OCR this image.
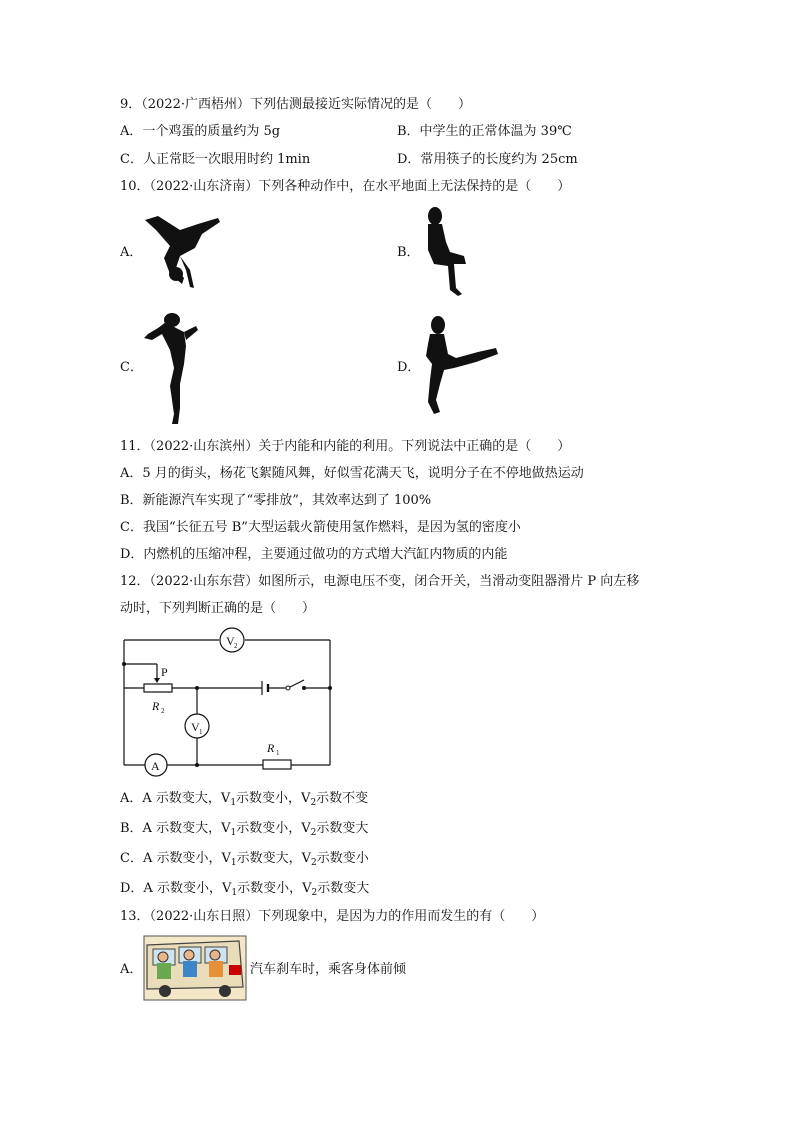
9．（2022·广西梧州）下列估测最接近实际情况的是（　　）
A．一个鸡蛋的质量约为 5g	B．中学生的正常体温为 39℃
C．人正常眨一次眼用时约 1min	D．常用筷子的长度约为 25cm
10．（2022·山东济南）下列各种动作中，在水平地面上无法保持的是（　　）
A．	B．
C．	D．
11．（2022·山东滨州）关于内能和内能的利用。下列说法中正确的是（　　）
A．5 月的街头，杨花飞絮随风舞，好似雪花满天飞，说明分子在不停地做热运动
B．新能源汽车实现了“零排放”，其效率达到了 100%
C．我国“长征五号 B”大型运载火箭使用氢作燃料，是因为氢的密度小
D．内燃机的压缩冲程，主要通过做功的方式增大汽缸内物质的内能
12．（2022·山东东营）如图所示，电源电压不变，闭合开关，当滑动变阻器滑片 P 向左移
动时，下列判断正确的是（　　）
V 2
V 1
A
P
R 2
R 1
A．A 示数变大，$V_1$示数变小，$V_2$示数不变
B．A 示数变大，$V_1$示数变小，$V_2$示数变大
C．A 示数变小，$V_1$示数变大，$V_2$示数变小
D．A 示数变小，$V_1$示数变小，$V_2$示数变大
13．（2022·山东日照）下列现象中，是因为力的作用而发生的有（　　）
A．	汽车刹车时，乘客身体前倾
